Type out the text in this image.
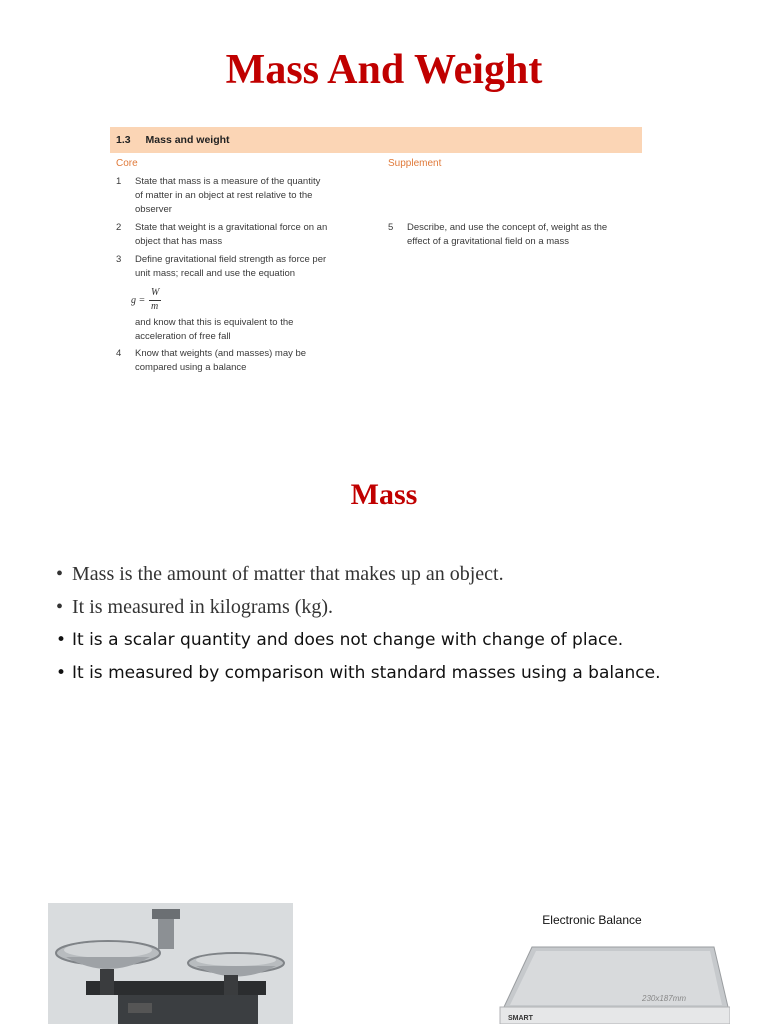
Mass And Weight
1.3 Mass and weight
Core	Supplement
1 State that mass is a measure of the quantity
of matter in an object at rest relative to the
observer
2 State that weight is a gravitational force on an
object that has mass
3 Define gravitational field strength as force per
unit mass; recall and use the equation
and know that this is equivalent to the
acceleration of free fall
4 Know that weights (and masses) may be
compared using a balance
5 Describe, and use the concept of, weight as the
effect of a gravitational field on a mass
g =
W
m
Mass
• Mass is the amount of matter that makes up an object.
• It is measured in kilograms (kg).
• It is a scalar quantity and does not change with change of place.
• It is measured by comparison with standard masses using a balance.
Electronic Balance
230x187mm
SMART
